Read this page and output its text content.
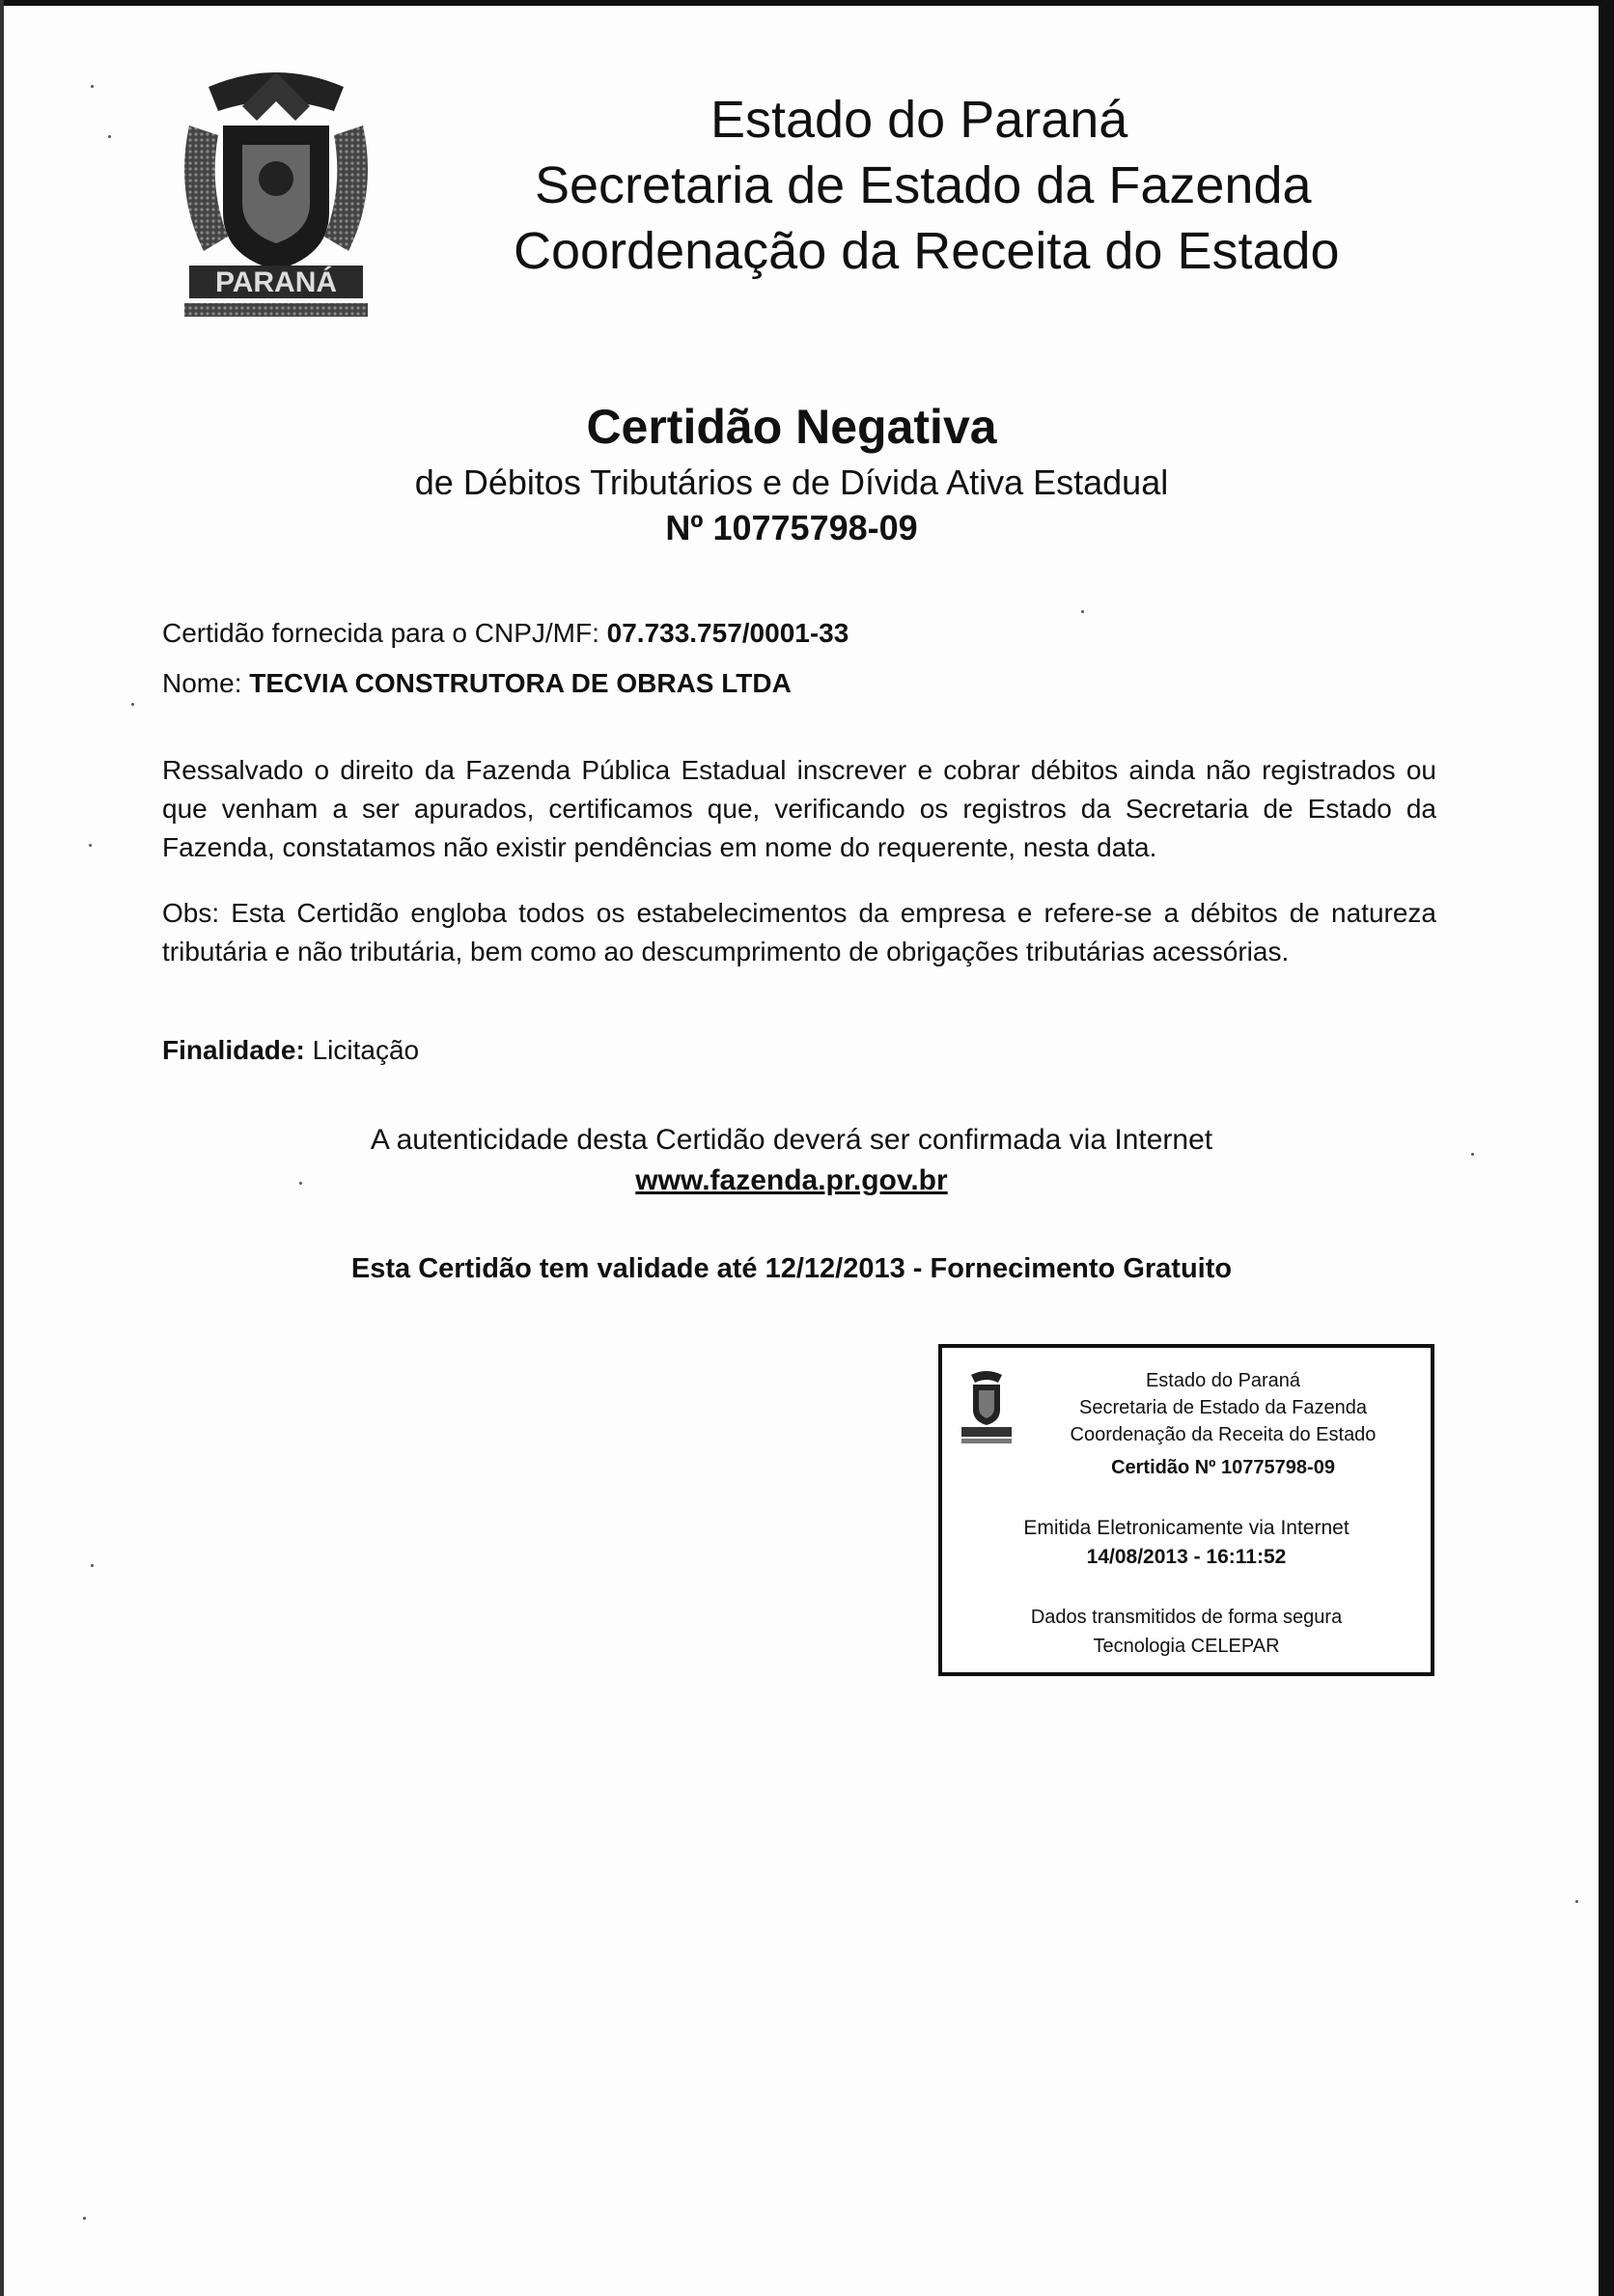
PARANÁ
Estado do Paraná
Secretaria de Estado da Fazenda
Coordenação da Receita do Estado
Certidão Negativa
de Débitos Tributários e de Dívida Ativa Estadual
Nº 10775798-09
Certidão fornecida para o CNPJ/MF: 07.733.757/0001-33
Nome: TECVIA CONSTRUTORA DE OBRAS LTDA
Ressalvado o direito da Fazenda Pública Estadual inscrever e cobrar débitos ainda não registrados ou que venham a ser apurados, certificamos que, verificando os registros da Secretaria de Estado da Fazenda, constatamos não existir pendências em nome do requerente, nesta data.
Obs: Esta Certidão engloba todos os estabelecimentos da empresa e refere-se a débitos de natureza tributária e não tributária, bem como ao descumprimento de obrigações tributárias acessórias.
Finalidade: Licitação
A autenticidade desta Certidão deverá ser confirmada via Internet
www.fazenda.pr.gov.br
Esta Certidão tem validade até 12/12/2013 - Fornecimento Gratuito
Estado do Paraná
Secretaria de Estado da Fazenda
Coordenação da Receita do Estado
Certidão Nº 10775798-09
Emitida Eletronicamente via Internet
14/08/2013 - 16:11:52
Dados transmitidos de forma segura
Tecnologia CELEPAR
